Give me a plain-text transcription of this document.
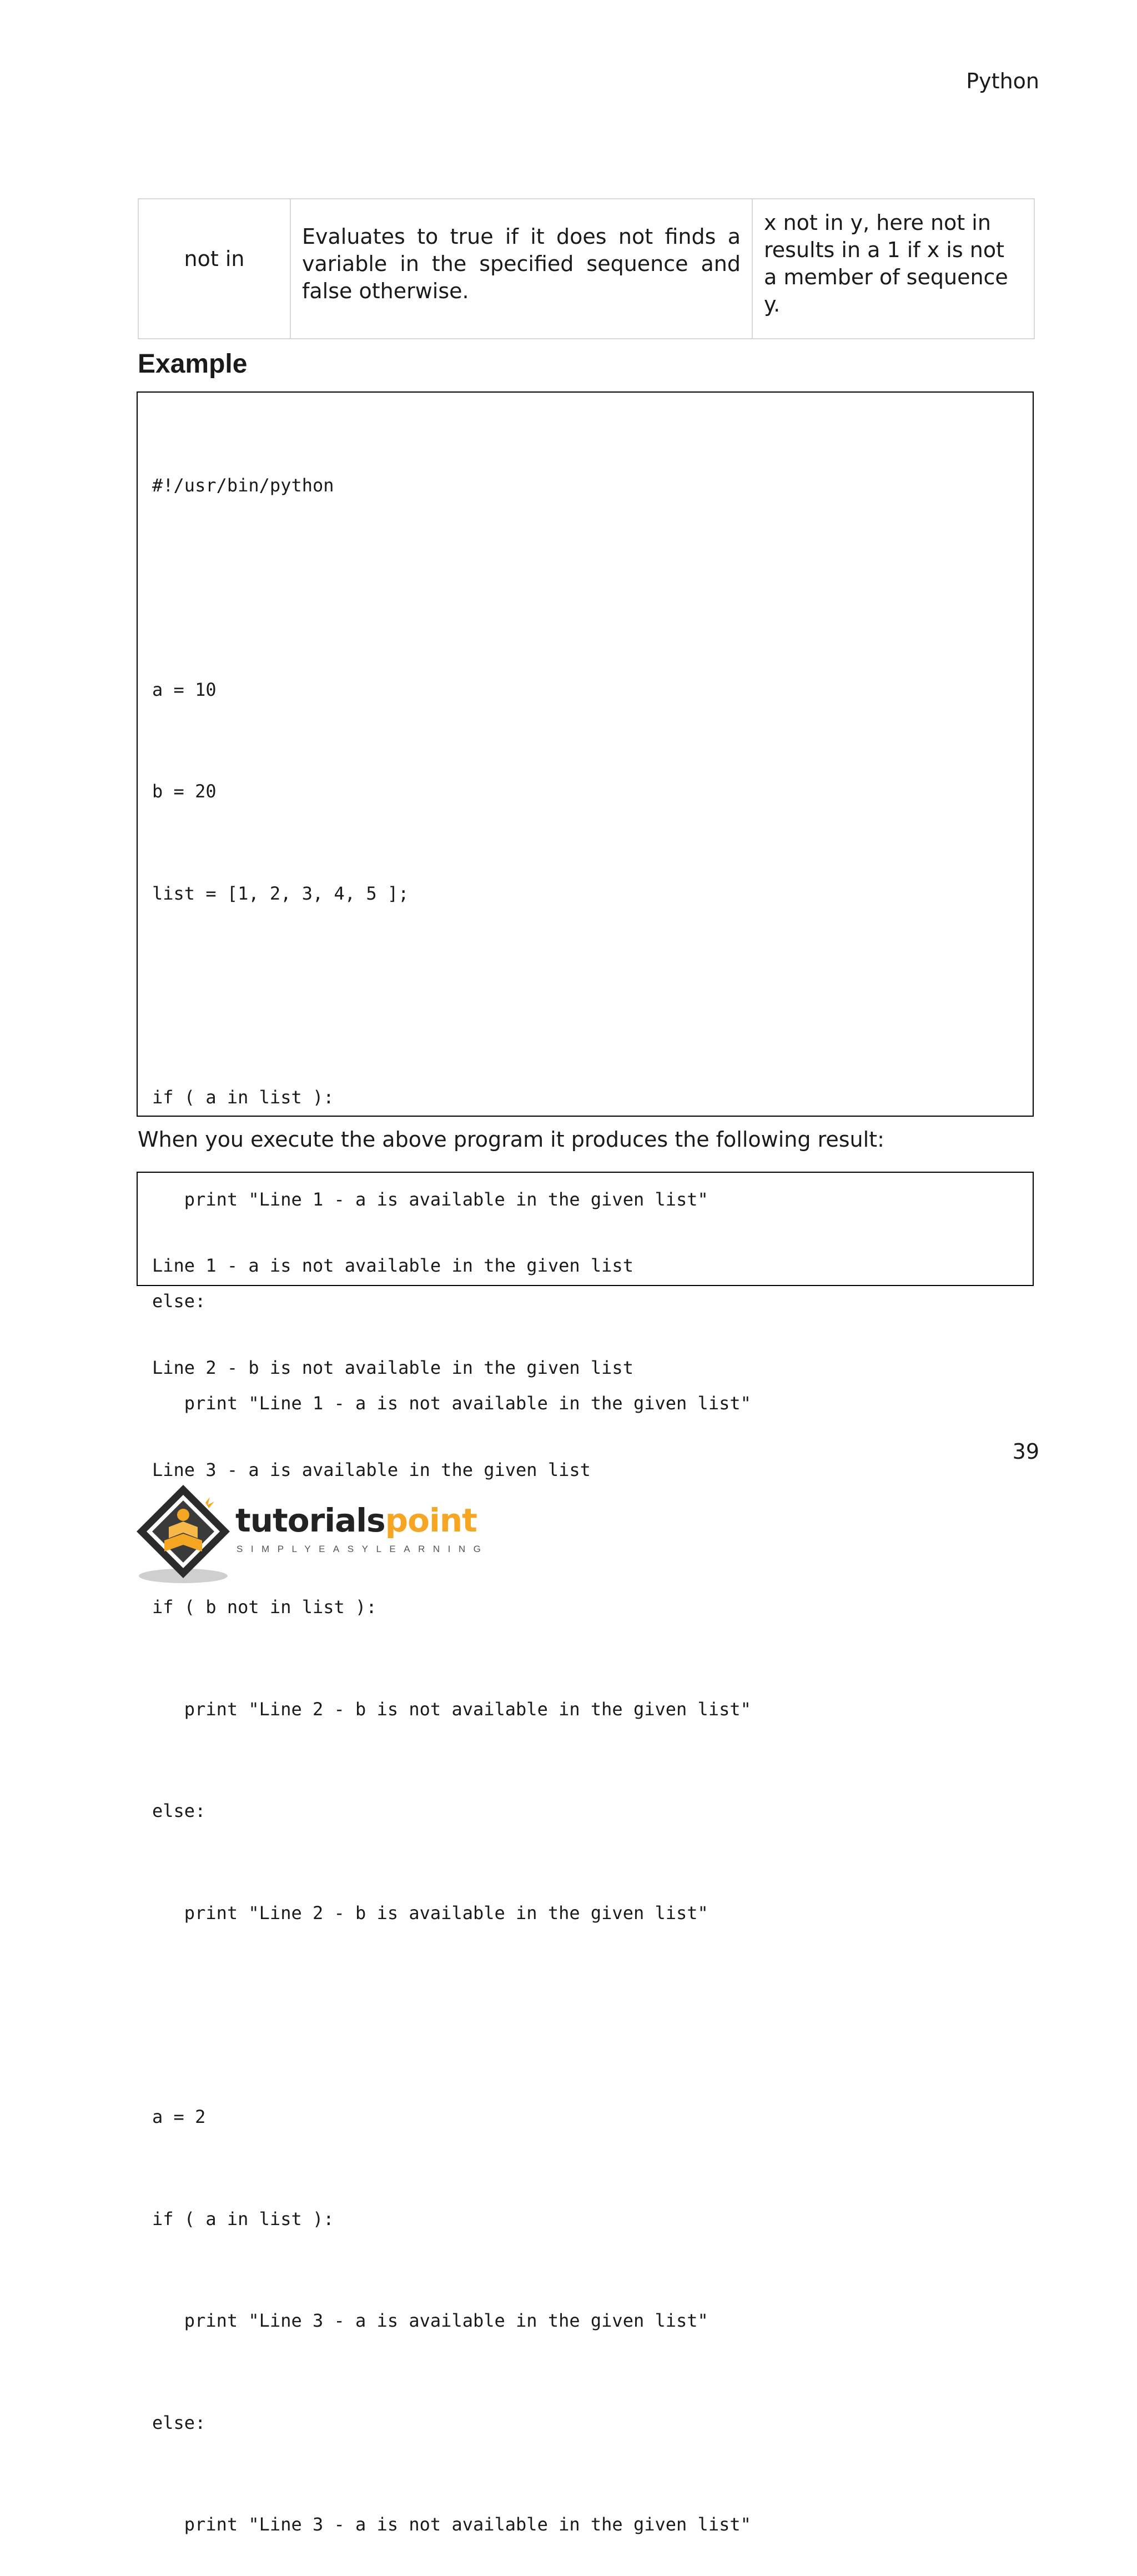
Python
not in	Evaluates to true if it does not finds a variable in the specified sequence and false otherwise.	x not in y, here not in results in a 1 if x is not a member of sequence y.
Example

#!/usr/bin/python

a = 10

b = 20

list = [1, 2, 3, 4, 5 ];

if ( a in list ):

print "Line 1 - a is available in the given list"

else:

print "Line 1 - a is not available in the given list"

if ( b not in list ):

print "Line 2 - b is not available in the given list"

else:

print "Line 2 - b is available in the given list"

a = 2

if ( a in list ):

print "Line 3 - a is available in the given list"

else:

print "Line 3 - a is not available in the given list"

When you execute the above program it produces the following result:

Line 1 - a is not available in the given list

Line 2 - b is not available in the given list

Line 3 - a is available in the given list

39
tutorialspoint
SIMPLYEASYLEARNING
